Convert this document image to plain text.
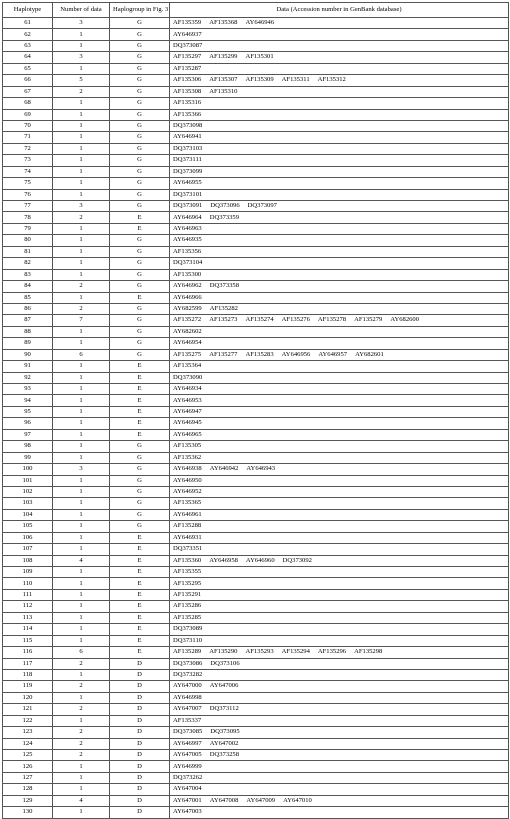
Haplotype	Number of data	Haplogroup in Fig. 3	Data (Accession number in GenBank database)
61	3	G	AF135359 AF135368 AY646946
62	1	G	AY646937
63	1	G	DQ373087
64	3	G	AF135297 AF135299 AF135301
65	1	G	AF135287
66	5	G	AF135306 AF135307 AF135309 AF135311 AF135312
67	2	G	AF135308 AF135310
68	1	G	AF135316
69	1	G	AF135366
70	1	G	DQ373098
71	1	G	AY646941
72	1	G	DQ373103
73	1	G	DQ373111
74	1	G	DQ373099
75	1	G	AY646955
76	1	G	DQ373101
77	3	G	DQ373091 DQ373096 DQ373097
78	2	E	AY646964 DQ373359
79	1	E	AY646963
80	1	G	AY646935
81	1	G	AF135356
82	1	G	DQ373104
83	1	G	AF135300
84	2	G	AY646962 DQ373358
85	1	E	AY646966
86	2	G	AY682599 AF135282
87	7	G	AF135272 AF135273 AF135274 AF135276 AF135278 AF135279 AY682600
88	1	G	AY682602
89	1	G	AY646954
90	6	G	AF135275 AF135277 AF135283 AY646956 AY646957 AY682601
91	1	E	AF135364
92	1	E	DQ373090
93	1	E	AY646934
94	1	E	AY646953
95	1	E	AY646947
96	1	E	AY646945
97	1	E	AY646965
98	1	G	AF135305
99	1	G	AF135362
100	3	G	AY646938 AY646942 AY646943
101	1	G	AY646950
102	1	G	AY646952
103	1	G	AF135365
104	1	G	AY646961
105	1	G	AF135288
106	1	E	AY646931
107	1	E	DQ373351
108	4	E	AF135360 AY646958 AY646960 DQ373092
109	1	E	AF135355
110	1	E	AF135295
111	1	E	AF135291
112	1	E	AF135286
113	1	E	AF135285
114	1	E	DQ373089
115	1	E	DQ373110
116	6	E	AF135289 AF135290 AF135293 AF135294 AF135296 AF135298
117	2	D	DQ373086 DQ373106
118	1	D	DQ373282
119	2	D	AY647000 AY647006
120	1	D	AY646998
121	2	D	AY647007 DQ373112
122	1	D	AF135337
123	2	D	DQ373085 DQ373095
124	2	D	AY646997 AY647002
125	2	D	AY647005 DQ373258
126	1	D	AY646999
127	1	D	DQ373262
128	1	D	AY647004
129	4	D	AY647001 AY647008 AY647009 AY647010
130	1	D	AY647003
